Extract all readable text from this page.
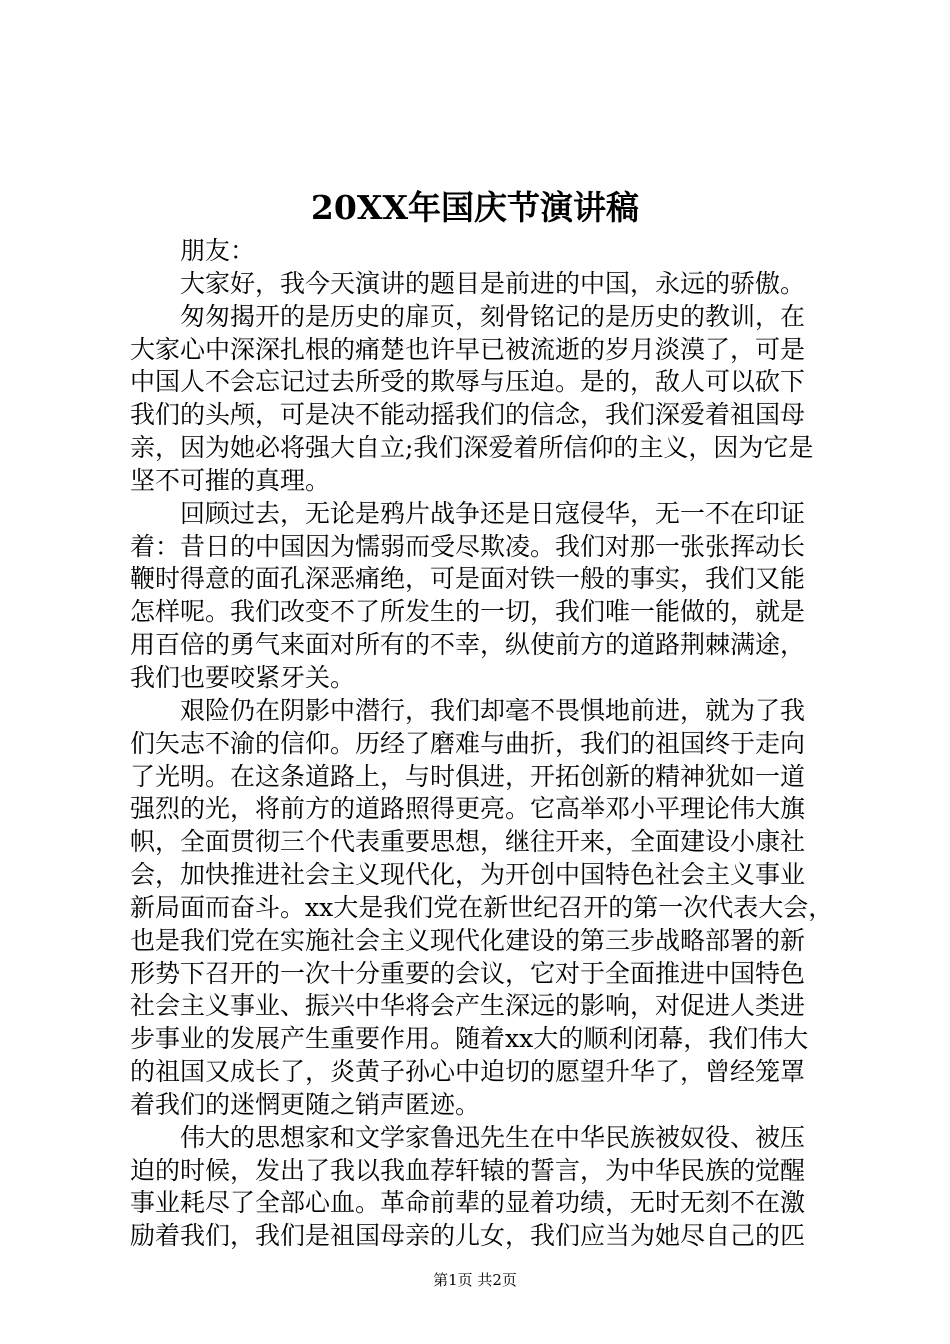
20XX年国庆节演讲稿
朋友：
大家好，我今天演讲的题目是前进的中国，永远的骄傲。
匆匆揭开的是历史的扉页，刻骨铭记的是历史的教训，在
大家心中深深扎根的痛楚也许早已被流逝的岁月淡漠了，可是
中国人不会忘记过去所受的欺辱与压迫。是的，敌人可以砍下
我们的头颅，可是决不能动摇我们的信念，我们深爱着祖国母
亲，因为她必将强大自立;我们深爱着所信仰的主义，因为它是
坚不可摧的真理。
回顾过去，无论是鸦片战争还是日寇侵华，无一不在印证
着：昔日的中国因为懦弱而受尽欺凌。我们对那一张张挥动长
鞭时得意的面孔深恶痛绝，可是面对铁一般的事实，我们又能
怎样呢。我们改变不了所发生的一切，我们唯一能做的，就是
用百倍的勇气来面对所有的不幸，纵使前方的道路荆棘满途，
我们也要咬紧牙关。
艰险仍在阴影中潜行，我们却毫不畏惧地前进，就为了我
们矢志不渝的信仰。历经了磨难与曲折，我们的祖国终于走向
了光明。在这条道路上，与时俱进，开拓创新的精神犹如一道
强烈的光，将前方的道路照得更亮。它高举邓小平理论伟大旗
帜，全面贯彻三个代表重要思想，继往开来，全面建设小康社
会，加快推进社会主义现代化，为开创中国特色社会主义事业
新局面而奋斗。xx大是我们党在新世纪召开的第一次代表大会，
也是我们党在实施社会主义现代化建设的第三步战略部署的新
形势下召开的一次十分重要的会议，它对于全面推进中国特色
社会主义事业、振兴中华将会产生深远的影响，对促进人类进
步事业的发展产生重要作用。随着xx大的顺利闭幕，我们伟大
的祖国又成长了，炎黄子孙心中迫切的愿望升华了，曾经笼罩
着我们的迷惘更随之销声匿迹。
伟大的思想家和文学家鲁迅先生在中华民族被奴役、被压
迫的时候，发出了我以我血荐轩辕的誓言，为中华民族的觉醒
事业耗尽了全部心血。革命前辈的显着功绩，无时无刻不在激
励着我们，我们是祖国母亲的儿女，我们应当为她尽自己的匹
第1页 共2页
